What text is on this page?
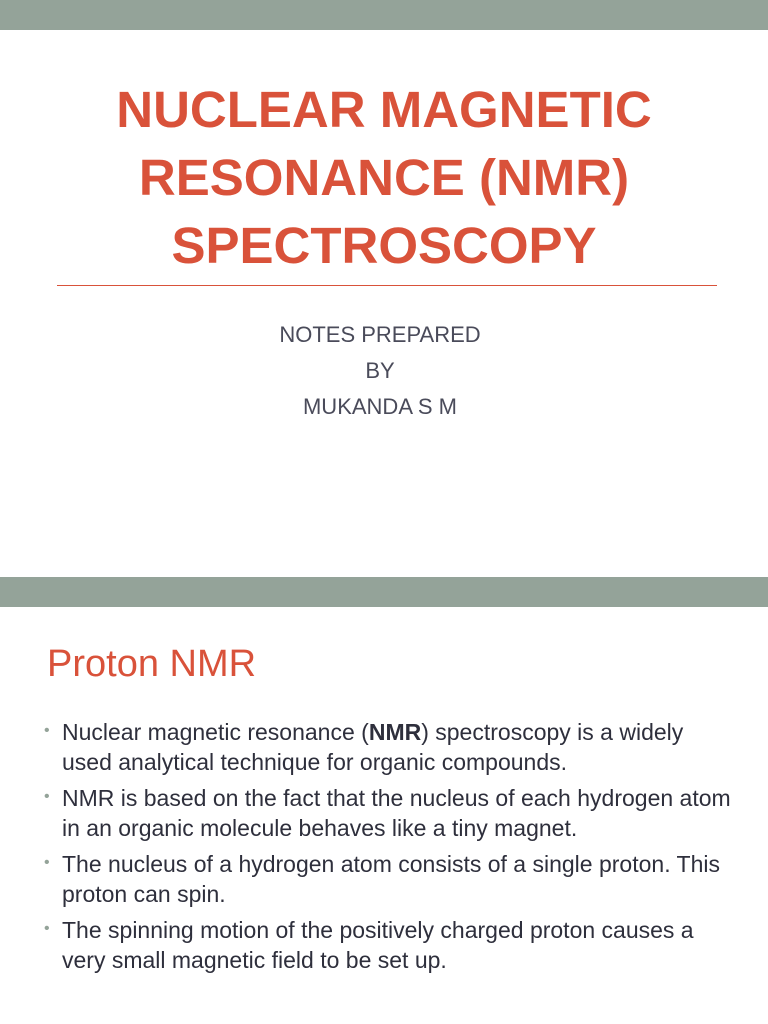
NUCLEAR MAGNETIC
RESONANCE (NMR)
SPECTROSCOPY
NOTES PREPARED
BY
MUKANDA S M
Proton NMR
• Nuclear magnetic resonance (NMR) spectroscopy is a widely used analytical technique for organic compounds.
• NMR is based on the fact that the nucleus of each hydrogen atom in an organic molecule behaves like a tiny magnet.
• The nucleus of a hydrogen atom consists of a single proton. This proton can spin.
• The spinning motion of the positively charged proton causes a very small magnetic field to be set up.
